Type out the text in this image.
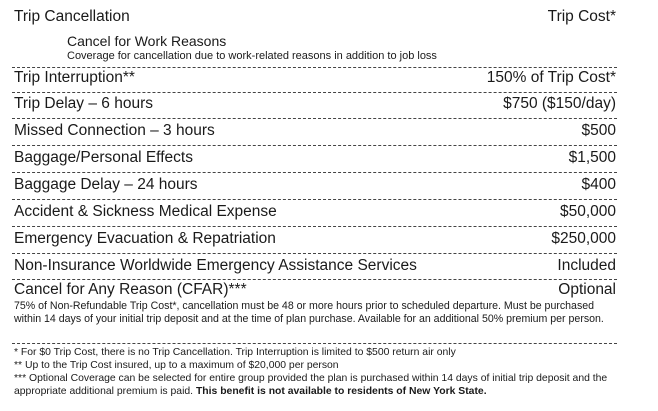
Trip Cancellation	Trip Cost*
Cancel for Work Reasons
Coverage for cancellation due to work-related reasons in addition to job loss
Trip Interruption**	150% of Trip Cost*
Trip Delay – 6 hours	$750 ($150/day)
Missed Connection – 3 hours	$500
Baggage/Personal Effects	$1,500
Baggage Delay – 24 hours	$400
Accident & Sickness Medical Expense	$50,000
Emergency Evacuation & Repatriation	$250,000
Non-Insurance Worldwide Emergency Assistance Services	Included
Cancel for Any Reason (CFAR)***	Optional
75% of Non-Refundable Trip Cost*, cancellation must be 48 or more hours prior to scheduled departure. Must be purchased within 14 days of your initial trip deposit and at the time of plan purchase. Available for an additional 50% premium per person.
* For $0 Trip Cost, there is no Trip Cancellation. Trip Interruption is limited to $500 return air only
** Up to the Trip Cost insured, up to a maximum of $20,000 per person
*** Optional Coverage can be selected for entire group provided the plan is purchased within 14 days of initial trip deposit and the appropriate additional premium is paid. This benefit is not available to residents of New York State.
